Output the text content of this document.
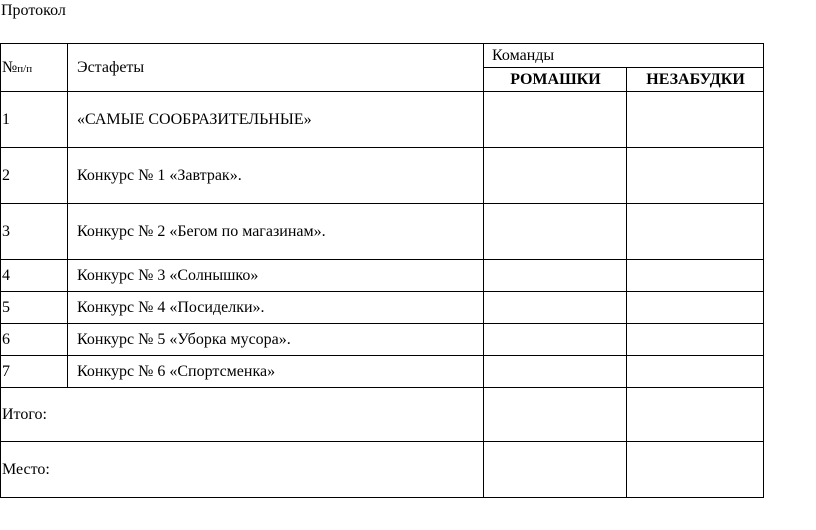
Протокол
№п/п	Эстафеты	Команды	
		РОМАШКИ	НЕЗАБУДКИ
1	«САМЫЕ СООБРАЗИТЕЛЬНЫЕ»		
2	Конкурс № 1 «Завтрак».		
3	Конкурс № 2 «Бегом по магазинам».		
4	Конкурс № 3 «Солнышко»		
5	Конкурс № 4 «Посиделки».		
6	Конкурс № 5 «Уборка мусора».		
7	Конкурс № 6 «Спортсменка»		
Итого:			
Место:			
